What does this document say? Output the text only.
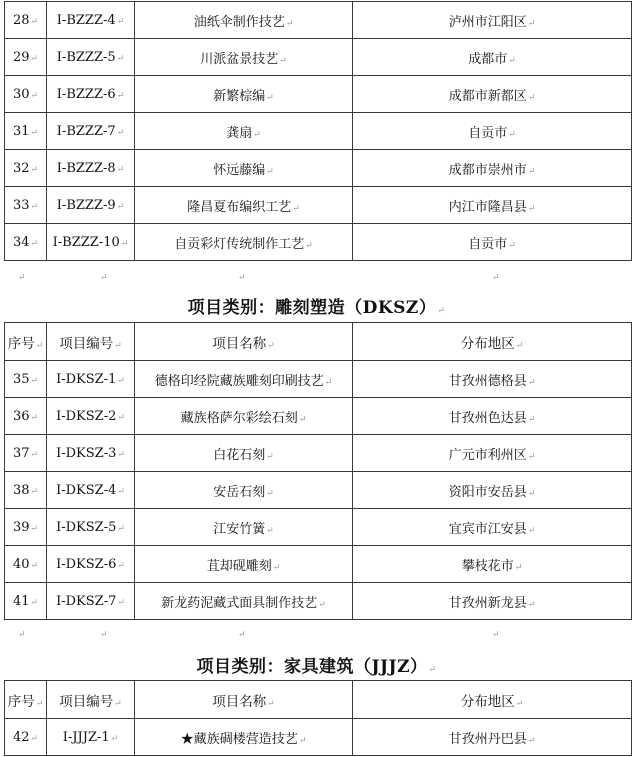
28↵	Ⅰ-BZZZ-4↵	油纸伞制作技艺↵	泸州市江阳区↵
29↵	Ⅰ-BZZZ-5↵	川派盆景技艺↵	成都市↵
30↵	Ⅰ-BZZZ-6↵	新繁棕编↵	成都市新都区↵
31↵	Ⅰ-BZZZ-7↵	龚扇↵	自贡市↵
32↵	Ⅰ-BZZZ-8↵	怀远藤编↵	成都市崇州市↵
33↵	Ⅰ-BZZZ-9↵	隆昌夏布编织工艺↵	内江市隆昌县↵
34↵	Ⅰ-BZZZ-10↵	自贡彩灯传统制作工艺↵	自贡市↵
↵	↵	↵	↵
项目类别：雕刻塑造（DKSZ）↵
序号↵	项目编号↵	项目名称↵	分布地区↵
35↵	Ⅰ-DKSZ-1↵	德格印经院藏族雕刻印刷技艺↵	甘孜州德格县↵
36↵	Ⅰ-DKSZ-2↵	藏族格萨尔彩绘石刻↵	甘孜州色达县↵
37↵	Ⅰ-DKSZ-3↵	白花石刻↵	广元市利州区↵
38↵	Ⅰ-DKSZ-4↵	安岳石刻↵	资阳市安岳县↵
39↵	Ⅰ-DKSZ-5↵	江安竹簧↵	宜宾市江安县↵
40↵	Ⅰ-DKSZ-6↵	苴却砚雕刻↵	攀枝花市↵
41↵	Ⅰ-DKSZ-7↵	新龙药泥藏式面具制作技艺↵	甘孜州新龙县↵
↵	↵	↵	↵
项目类别：家具建筑（JJJZ）↵
序号↵	项目编号↵	项目名称↵	分布地区↵
42↵	Ⅰ-JJJZ-1↵	★藏族碉楼营造技艺↵	甘孜州丹巴县↵
